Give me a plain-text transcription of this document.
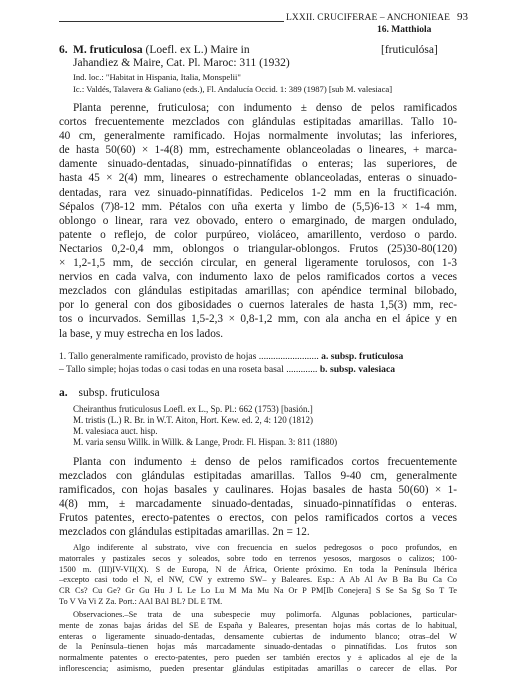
LXXII. CRUCIFERAE – ANCHONIEAE 93
16. Matthiola
6. M. fruticulosa (Loefl. ex L.) Maire in	[fruticulósa]
Jahandiez & Maire, Cat. Pl. Maroc: 311 (1932)
Ind. loc.: "Habitat in Hispania, Italia, Monspelii"
Ic.: Valdés, Talavera & Galiano (eds.), Fl. Andalucía Occid. 1: 389 (1987) [sub M. valesiaca]
Planta perenne, fruticulosa; con indumento ± denso de pelos ramificados
cortos frecuentemente mezclados con glándulas estipitadas amarillas. Tallo 10-
40 cm, generalmente ramificado. Hojas normalmente involutas; las inferiores,
de hasta 50(60) × 1-4(8) mm, estrechamente oblanceoladas o lineares, + marca-
damente sinuado-dentadas, sinuado-pinnatífidas o enteras; las superiores, de
hasta 45 × 2(4) mm, lineares o estrechamente oblanceoladas, enteras o sinuado-
dentadas, rara vez sinuado-pinnatífidas. Pedicelos 1-2 mm en la fructificación.
Sépalos (7)8-12 mm. Pétalos con uña exerta y limbo de (5,5)6-13 × 1-4 mm,
oblongo o linear, rara vez obovado, entero o emarginado, de margen ondulado,
patente o reflejo, de color purpúreo, violáceo, amarillento, verdoso o pardo.
Nectarios 0,2-0,4 mm, oblongos o triangular-oblongos. Frutos (25)30-80(120)
× 1,2-1,5 mm, de sección circular, en general ligeramente torulosos, con 1-3
nervios en cada valva, con indumento laxo de pelos ramificados cortos a veces
mezclados con glándulas estipitadas amarillas; con apéndice terminal bilobado,
por lo general con dos gibosidades o cuernos laterales de hasta 1,5(3) mm, rec-
tos o incurvados. Semillas 1,5-2,3 × 0,8-1,2 mm, con ala ancha en el ápice y en
la base, y muy estrecha en los lados.
1. Tallo generalmente ramificado, provisto de hojas ......................... a. subsp. fruticulosa
– Tallo simple; hojas todas o casi todas en una roseta basal ............. b. subsp. valesiaca
a. subsp. fruticulosa
Cheiranthus fruticulosus Loefl. ex L., Sp. Pl.: 662 (1753) [basión.]
M. tristis (L.) R. Br. in W.T. Aiton, Hort. Kew. ed. 2, 4: 120 (1812)
M. valesiaca auct. hisp.
M. varia sensu Willk. in Willk. & Lange, Prodr. Fl. Hispan. 3: 811 (1880)
Planta con indumento ± denso de pelos ramificados cortos frecuentemente
mezclados con glándulas estipitadas amarillas. Tallos 9-40 cm, generalmente
ramificados, con hojas basales y caulinares. Hojas basales de hasta 50(60) × 1-
4(8) mm, ± marcadamente sinuado-dentadas, sinuado-pinnatífidas o enteras.
Frutos patentes, erecto-patentes o erectos, con pelos ramificados cortos a veces
mezclados con glándulas estipitadas amarillas. 2n = 12.
Algo indiferente al substrato, vive con frecuencia en suelos pedregosos o poco profundos, en
matorrales y pastizales secos y soleados, sobre todo en terrenos yesosos, margosos o calizos; 100-
1500 m. (III)IV-VII(X). S de Europa, N de África, Oriente próximo. En toda la Península Ibérica
–excepto casi todo el N, el NW, CW y extremo SW– y Baleares. Esp.: A Ab Al Av B Ba Bu Ca Co
CR Cs? Cu Ge? Gr Gu Hu J L Le Lo Lu M Ma Mu Na Or P PM[Ib Conejera] S Se Sa Sg So T Te
To V Va Vi Z Za. Port.: AAl BAl BL? DL E TM.
Observaciones.–Se trata de una subespecie muy polimorfa. Algunas poblaciones, particular-
mente de zonas bajas áridas del SE de España y Baleares, presentan hojas más cortas de lo habitual,
enteras o ligeramente sinuado-dentadas, densamente cubiertas de indumento blanco; otras–del W
de la Península–tienen hojas más marcadamente sinuado-dentadas o pinnatífidas. Los frutos son
normalmente patentes o erecto-patentes, pero pueden ser también erectos y ± aplicados al eje de la
inflorescencia; asimismo, pueden presentar glándulas estipitadas amarillas o carecer de ellas. Por
